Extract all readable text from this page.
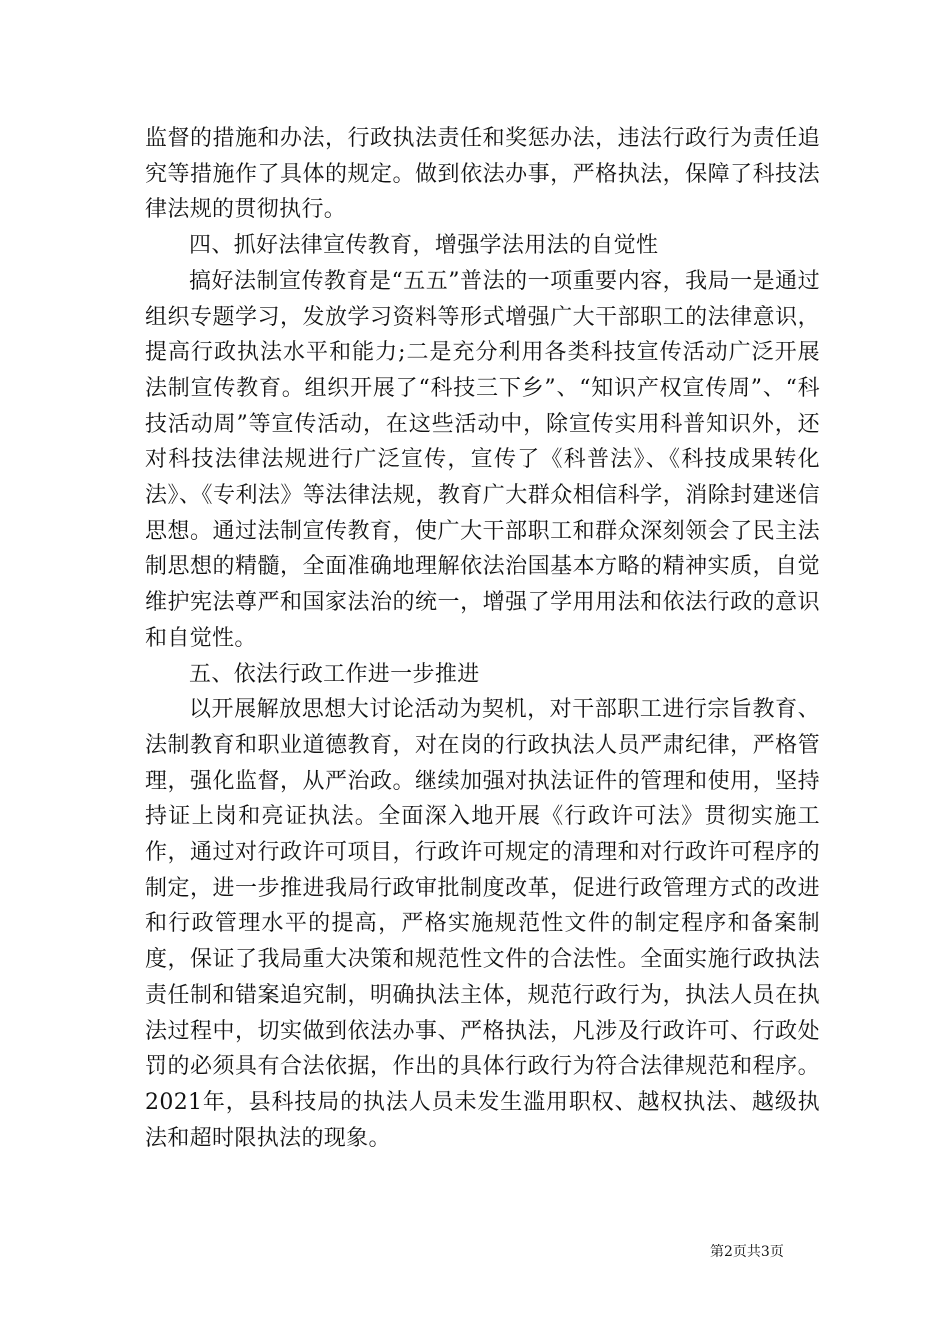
监督的措施和办法，行政执法责任和奖惩办法，违法行政行为责任追究等措施作了具体的规定。做到依法办事，严格执法，保障了科技法律法规的贯彻执行。

四、抓好法律宣传教育，增强学法用法的自觉性

搞好法制宣传教育是“五五”普法的一项重要内容，我局一是通过组织专题学习，发放学习资料等形式增强广大干部职工的法律意识，提高行政执法水平和能力;二是充分利用各类科技宣传活动广泛开展法制宣传教育。组织开展了“科技三下乡”、“知识产权宣传周”、“科技活动周”等宣传活动，在这些活动中，除宣传实用科普知识外，还对科技法律法规进行广泛宣传，宣传了《科普法》、《科技成果转化法》、《专利法》等法律法规，教育广大群众相信科学，消除封建迷信思想。通过法制宣传教育，使广大干部职工和群众深刻领会了民主法制思想的精髓，全面准确地理解依法治国基本方略的精神实质，自觉维护宪法尊严和国家法治的统一，增强了学用用法和依法行政的意识和自觉性。

五、依法行政工作进一步推进

以开展解放思想大讨论活动为契机，对干部职工进行宗旨教育、法制教育和职业道德教育，对在岗的行政执法人员严肃纪律，严格管理，强化监督，从严治政。继续加强对执法证件的管理和使用，坚持持证上岗和亮证执法。全面深入地开展《行政许可法》贯彻实施工作，通过对行政许可项目，行政许可规定的清理和对行政许可程序的制定，进一步推进我局行政审批制度改革，促进行政管理方式的改进和行政管理水平的提高，严格实施规范性文件的制定程序和备案制度，保证了我局重大决策和规范性文件的合法性。全面实施行政执法责任制和错案追究制，明确执法主体，规范行政行为，执法人员在执法过程中，切实做到依法办事、严格执法，凡涉及行政许可、行政处罚的必须具有合法依据，作出的具体行政行为符合法律规范和程序。2021年，县科技局的执法人员未发生滥用职权、越权执法、越级执法和超时限执法的现象。

第2页共3页
